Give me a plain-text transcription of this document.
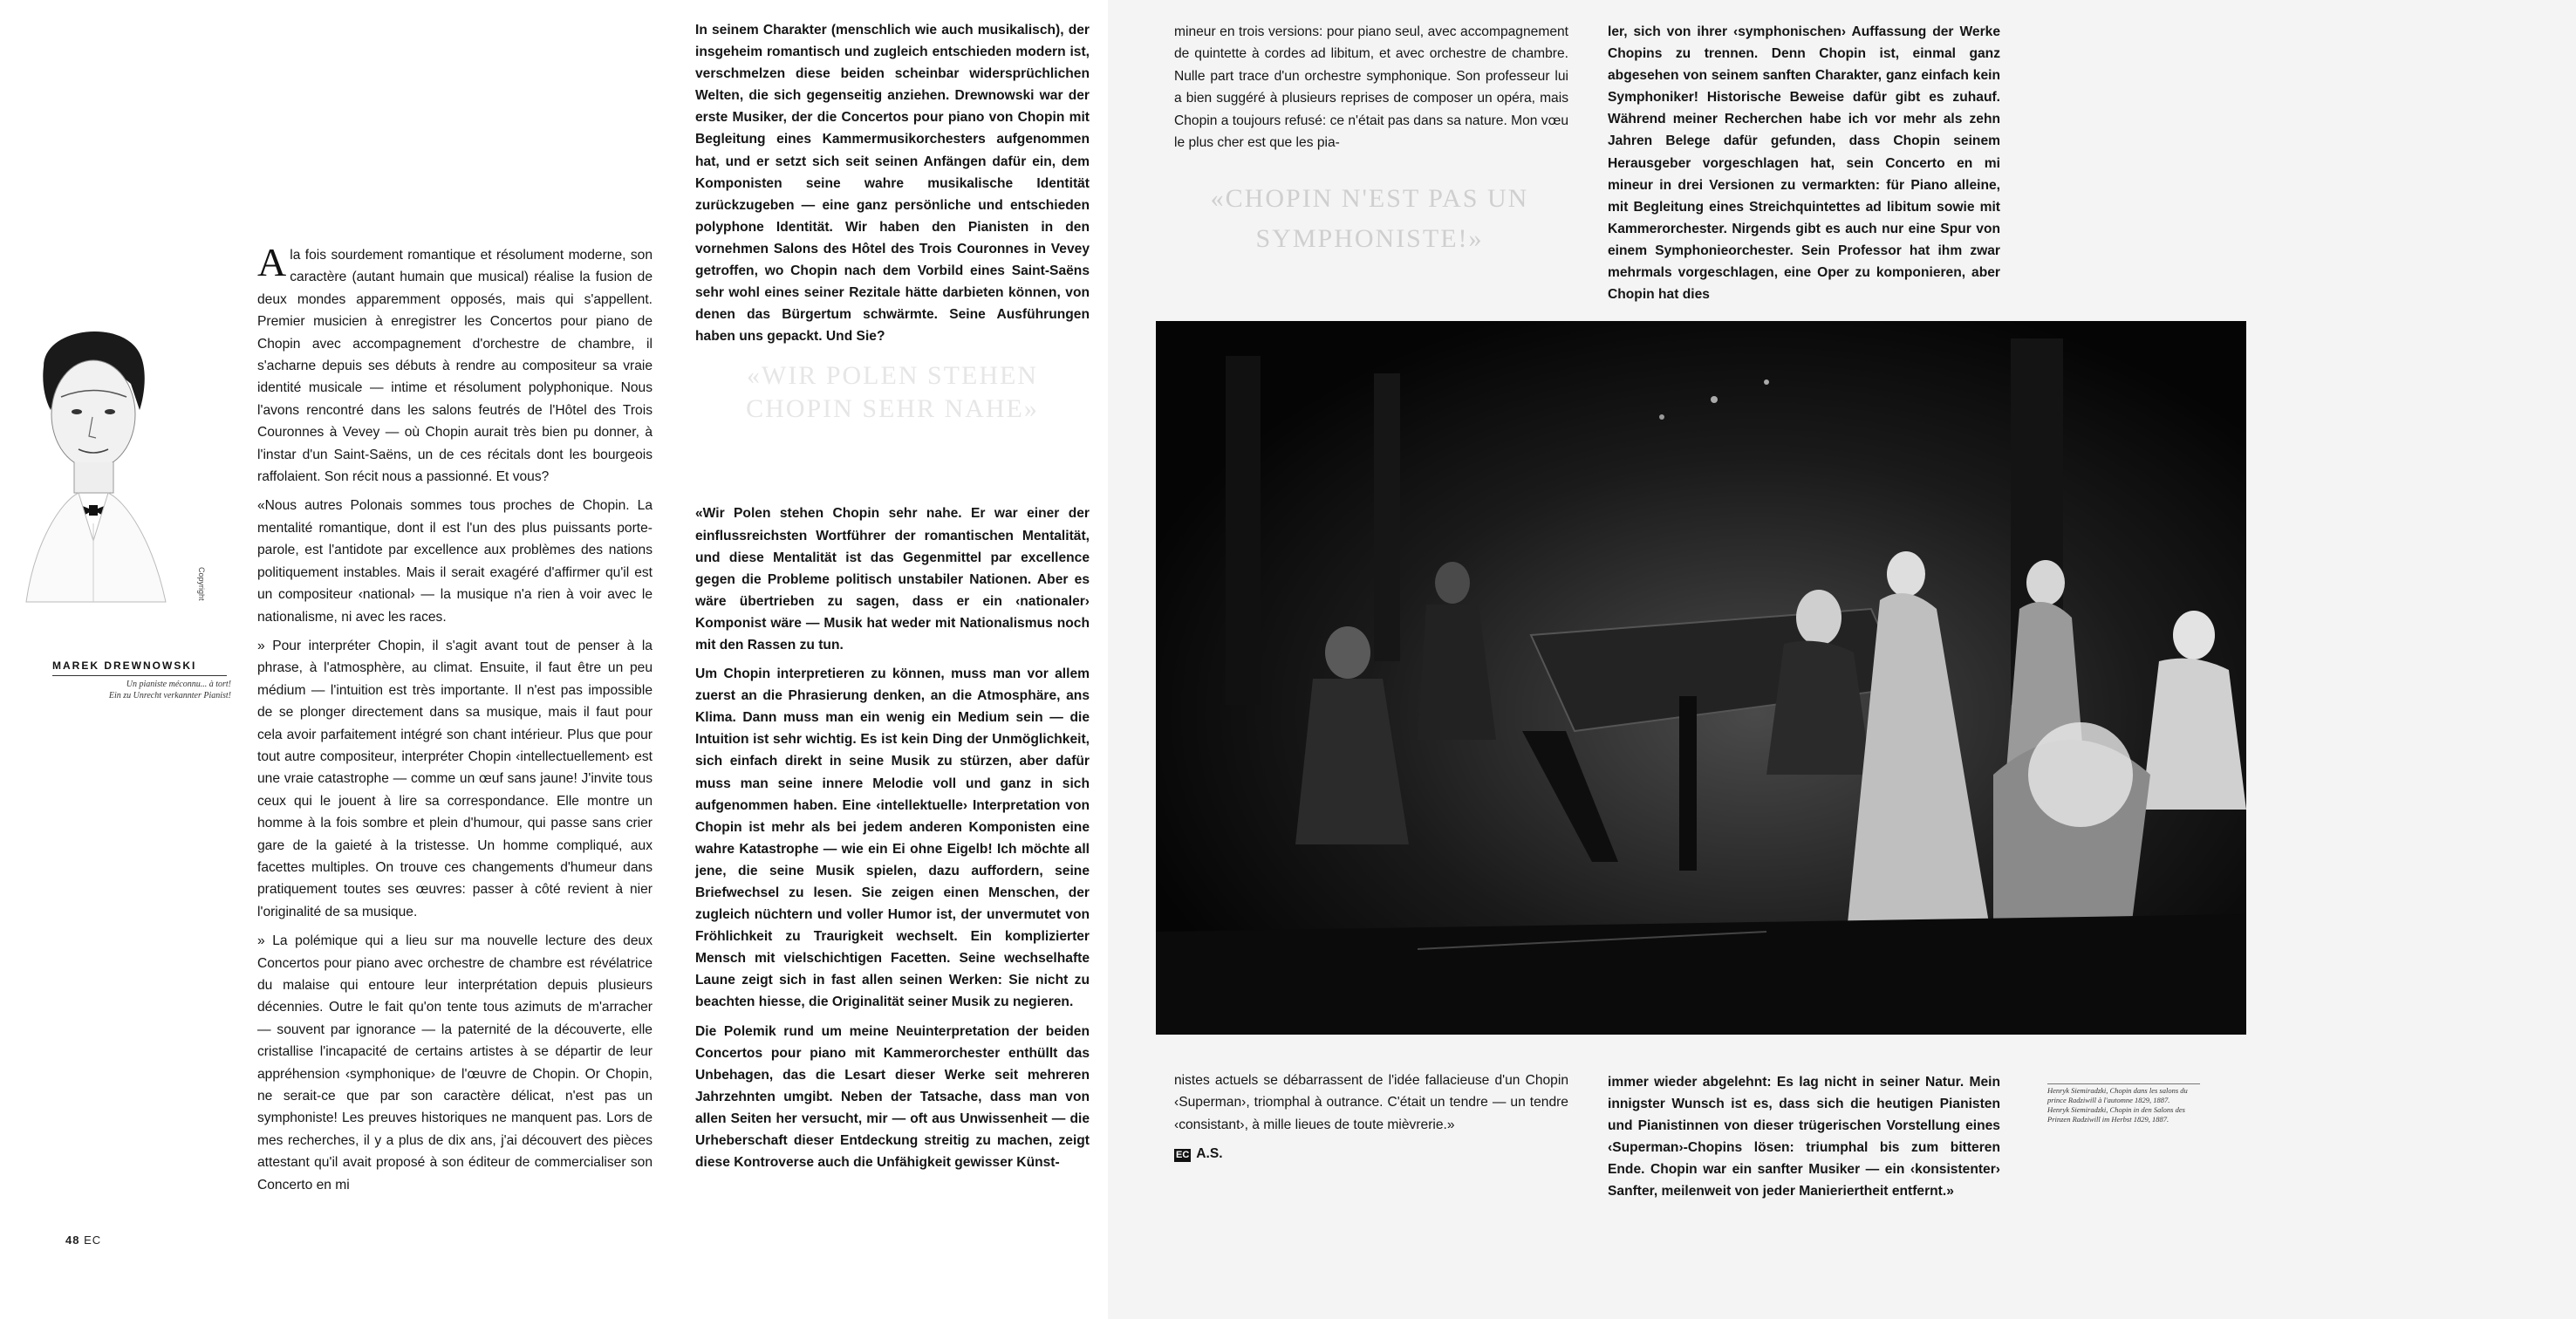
Copyright
MAREK DREWNOWSKI
Un pianiste méconnu... à tort!
Ein zu Unrecht verkannter Pianist!

A la fois sourdement romantique et résolument moderne, son caractère (autant humain que musical) réalise la fusion de deux mondes apparemment opposés, mais qui s'appellent. Premier musicien à enregistrer les Concertos pour piano de Chopin avec accompagnement d'orchestre de chambre, il s'acharne depuis ses débuts à rendre au compositeur sa vraie identité musicale — intime et résolument polyphonique. Nous l'avons rencontré dans les salons feutrés de l'Hôtel des Trois Couronnes à Vevey — où Chopin aurait très bien pu donner, à l'instar d'un Saint-Saëns, un de ces récitals dont les bourgeois raffolaient. Son récit nous a passionné. Et vous?

«Nous autres Polonais sommes tous proches de Chopin. La mentalité romantique, dont il est l'un des plus puissants porte-parole, est l'antidote par excellence aux problèmes des nations politiquement instables. Mais il serait exagéré d'affirmer qu'il est un compositeur ‹national› — la musique n'a rien à voir avec le nationalisme, ni avec les races.

» Pour interpréter Chopin, il s'agit avant tout de penser à la phrase, à l'atmosphère, au climat. Ensuite, il faut être un peu médium — l'intuition est très importante. Il n'est pas impossible de se plonger directement dans sa musique, mais il faut pour cela avoir parfaitement intégré son chant intérieur. Plus que pour tout autre compositeur, interpréter Chopin ‹intellectuellement› est une vraie catastrophe — comme un œuf sans jaune! J'invite tous ceux qui le jouent à lire sa correspondance. Elle montre un homme à la fois sombre et plein d'humour, qui passe sans crier gare de la gaieté à la tristesse. Un homme compliqué, aux facettes multiples. On trouve ces changements d'humeur dans pratiquement toutes ses œuvres: passer à côté revient à nier l'originalité de sa musique.

» La polémique qui a lieu sur ma nouvelle lecture des deux Concertos pour piano avec orchestre de chambre est révélatrice du malaise qui entoure leur interprétation depuis plusieurs décennies. Outre le fait qu'on tente tous azimuts de m'arracher — souvent par ignorance — la paternité de la découverte, elle cristallise l'incapacité de certains artistes à se départir de leur appréhension ‹symphonique› de l'œuvre de Chopin. Or Chopin, ne serait-ce que par son caractère délicat, n'est pas un symphoniste! Les preuves historiques ne manquent pas. Lors de mes recherches, il y a plus de dix ans, j'ai découvert des pièces attestant qu'il avait proposé à son éditeur de commercialiser son Concerto en mi

In seinem Charakter (menschlich wie auch musikalisch), der insgeheim romantisch und zugleich entschieden modern ist, verschmelzen diese beiden scheinbar widersprüchlichen Welten, die sich gegenseitig anziehen. Drewnowski war der erste Musiker, der die Concertos pour piano von Chopin mit Begleitung eines Kammermusikorchesters aufgenommen hat, und er setzt sich seit seinen Anfängen dafür ein, dem Komponisten seine wahre musikalische Identität zurückzugeben — eine ganz persönliche und entschieden polyphone Identität. Wir haben den Pianisten in den vornehmen Salons des Hôtel des Trois Couronnes in Vevey getroffen, wo Chopin nach dem Vorbild eines Saint-Saëns sehr wohl eines seiner Rezitale hätte darbieten können, von denen das Bürgertum schwärmte. Seine Ausführungen haben uns gepackt. Und Sie?

«WIR POLEN STEHEN CHOPIN SEHR NAHE»

«Wir Polen stehen Chopin sehr nahe. Er war einer der einflussreichsten Wortführer der romantischen Mentalität, und diese Mentalität ist das Gegenmittel par excellence gegen die Probleme politisch unstabiler Nationen. Aber es wäre übertrieben zu sagen, dass er ein ‹nationaler› Komponist wäre — Musik hat weder mit Nationalismus noch mit den Rassen zu tun.

Um Chopin interpretieren zu können, muss man vor allem zuerst an die Phrasierung denken, an die Atmosphäre, ans Klima. Dann muss man ein wenig ein Medium sein — die Intuition ist sehr wichtig. Es ist kein Ding der Unmöglichkeit, sich einfach direkt in seine Musik zu stürzen, aber dafür muss man seine innere Melodie voll und ganz in sich aufgenommen haben. Eine ‹intellektuelle› Interpretation von Chopin ist mehr als bei jedem anderen Komponisten eine wahre Katastrophe — wie ein Ei ohne Eigelb! Ich möchte all jene, die seine Musik spielen, dazu auffordern, seine Briefwechsel zu lesen. Sie zeigen einen Menschen, der zugleich nüchtern und voller Humor ist, der unvermutet von Fröhlichkeit zu Traurigkeit wechselt. Ein komplizierter Mensch mit vielschichtigen Facetten. Seine wechselhafte Laune zeigt sich in fast allen seinen Werken: Sie nicht zu beachten hiesse, die Originalität seiner Musik zu negieren.

Die Polemik rund um meine Neuinterpretation der beiden Concertos pour piano mit Kammerorchester enthüllt das Unbehagen, das die Lesart dieser Werke seit mehreren Jahrzehnten umgibt. Neben der Tatsache, dass man von allen Seiten her versucht, mir — oft aus Unwissenheit — die Urheberschaft dieser Entdeckung streitig zu machen, zeigt diese Kontroverse auch die Unfähigkeit gewisser Künst-

48 EC

mineur en trois versions: pour piano seul, avec accompagnement de quintette à cordes ad libitum, et avec orchestre de chambre. Nulle part trace d'un orchestre symphonique. Son professeur lui a bien suggéré à plusieurs reprises de composer un opéra, mais Chopin a toujours refusé: ce n'était pas dans sa nature. Mon vœu le plus cher est que les pia-

«CHOPIN N'EST PAS UN SYMPHONISTE!»

ler, sich von ihrer ‹symphonischen› Auffassung der Werke Chopins zu trennen. Denn Chopin ist, einmal ganz abgesehen von seinem sanften Charakter, ganz einfach kein Symphoniker! Historische Beweise dafür gibt es zuhauf. Während meiner Recherchen habe ich vor mehr als zehn Jahren Belege dafür gefunden, dass Chopin seinem Herausgeber vorgeschlagen hat, sein Concerto en mi mineur in drei Versionen zu vermarkten: für Piano alleine, mit Begleitung eines Streichquintettes ad libitum sowie mit Kammerorchester. Nirgends gibt es auch nur eine Spur von einem Symphonieorchester. Sein Professor hat ihm zwar mehrmals vorgeschlagen, eine Oper zu komponieren, aber Chopin hat dies

nistes actuels se débarrassent de l'idée fallacieuse d'un Chopin ‹Superman›, triomphal à outrance. C'était un tendre — un tendre ‹consistant›, à mille lieues de toute mièvrerie.»

EC A.S.

immer wieder abgelehnt: Es lag nicht in seiner Natur. Mein innigster Wunsch ist es, dass sich die heutigen Pianisten und Pianistinnen von dieser trügerischen Vorstellung eines ‹Superman›-Chopins lösen: triumphal bis zum bitteren Ende. Chopin war ein sanfter Musiker — ein ‹konsistenter› Sanfter, meilenweit von jeder Manieriertheit entfernt.»

Henryk Siemiradzki, Chopin dans les salons du prince Radziwill à l'automne 1829, 1887.
Henryk Siemiradzki, Chopin in den Salons des Prinzen Radziwill im Herbst 1829, 1887.
